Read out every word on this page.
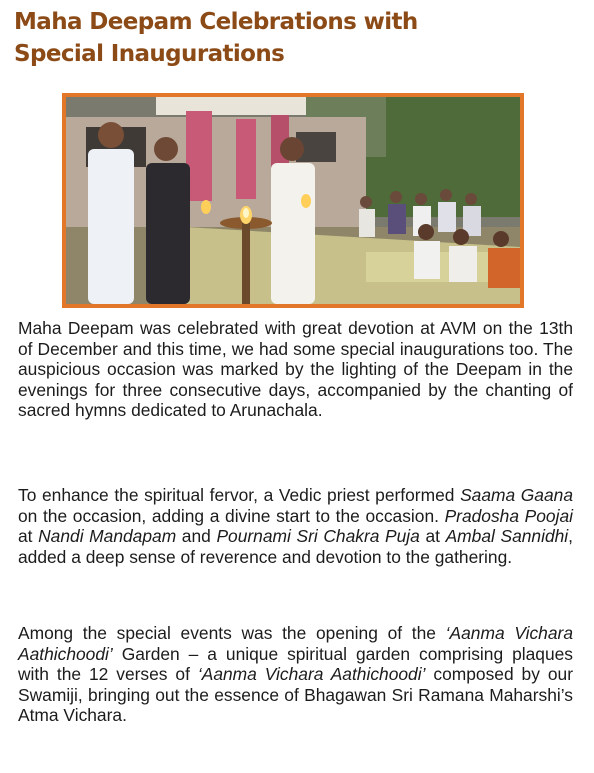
Maha Deepam Celebrations with
Special Inaugurations
Maha Deepam was celebrated with great devotion at AVM on the 13th of December and this time, we had some special inaugurations too. The auspicious occasion was marked by the lighting of the Deepam in the evenings for three consecutive days, accompanied by the chanting of sacred hymns dedicated to Arunachala.
To enhance the spiritual fervor, a Vedic priest performed Saama Gaana on the occasion, adding a divine start to the occasion. Pradosha Poojai at Nandi Mandapam and Pournami Sri Chakra Puja at Ambal Sannidhi, added a deep sense of reverence and devotion to the gathering.
Among the special events was the opening of the ‘Aanma Vichara Aathichoodi’ Garden – a unique spiritual garden comprising plaques with the 12 verses of ‘Aanma Vichara Aathichoodi’ composed by our Swamiji, bringing out the essence of Bhagawan Sri Ramana Maharshi’s Atma Vichara.
